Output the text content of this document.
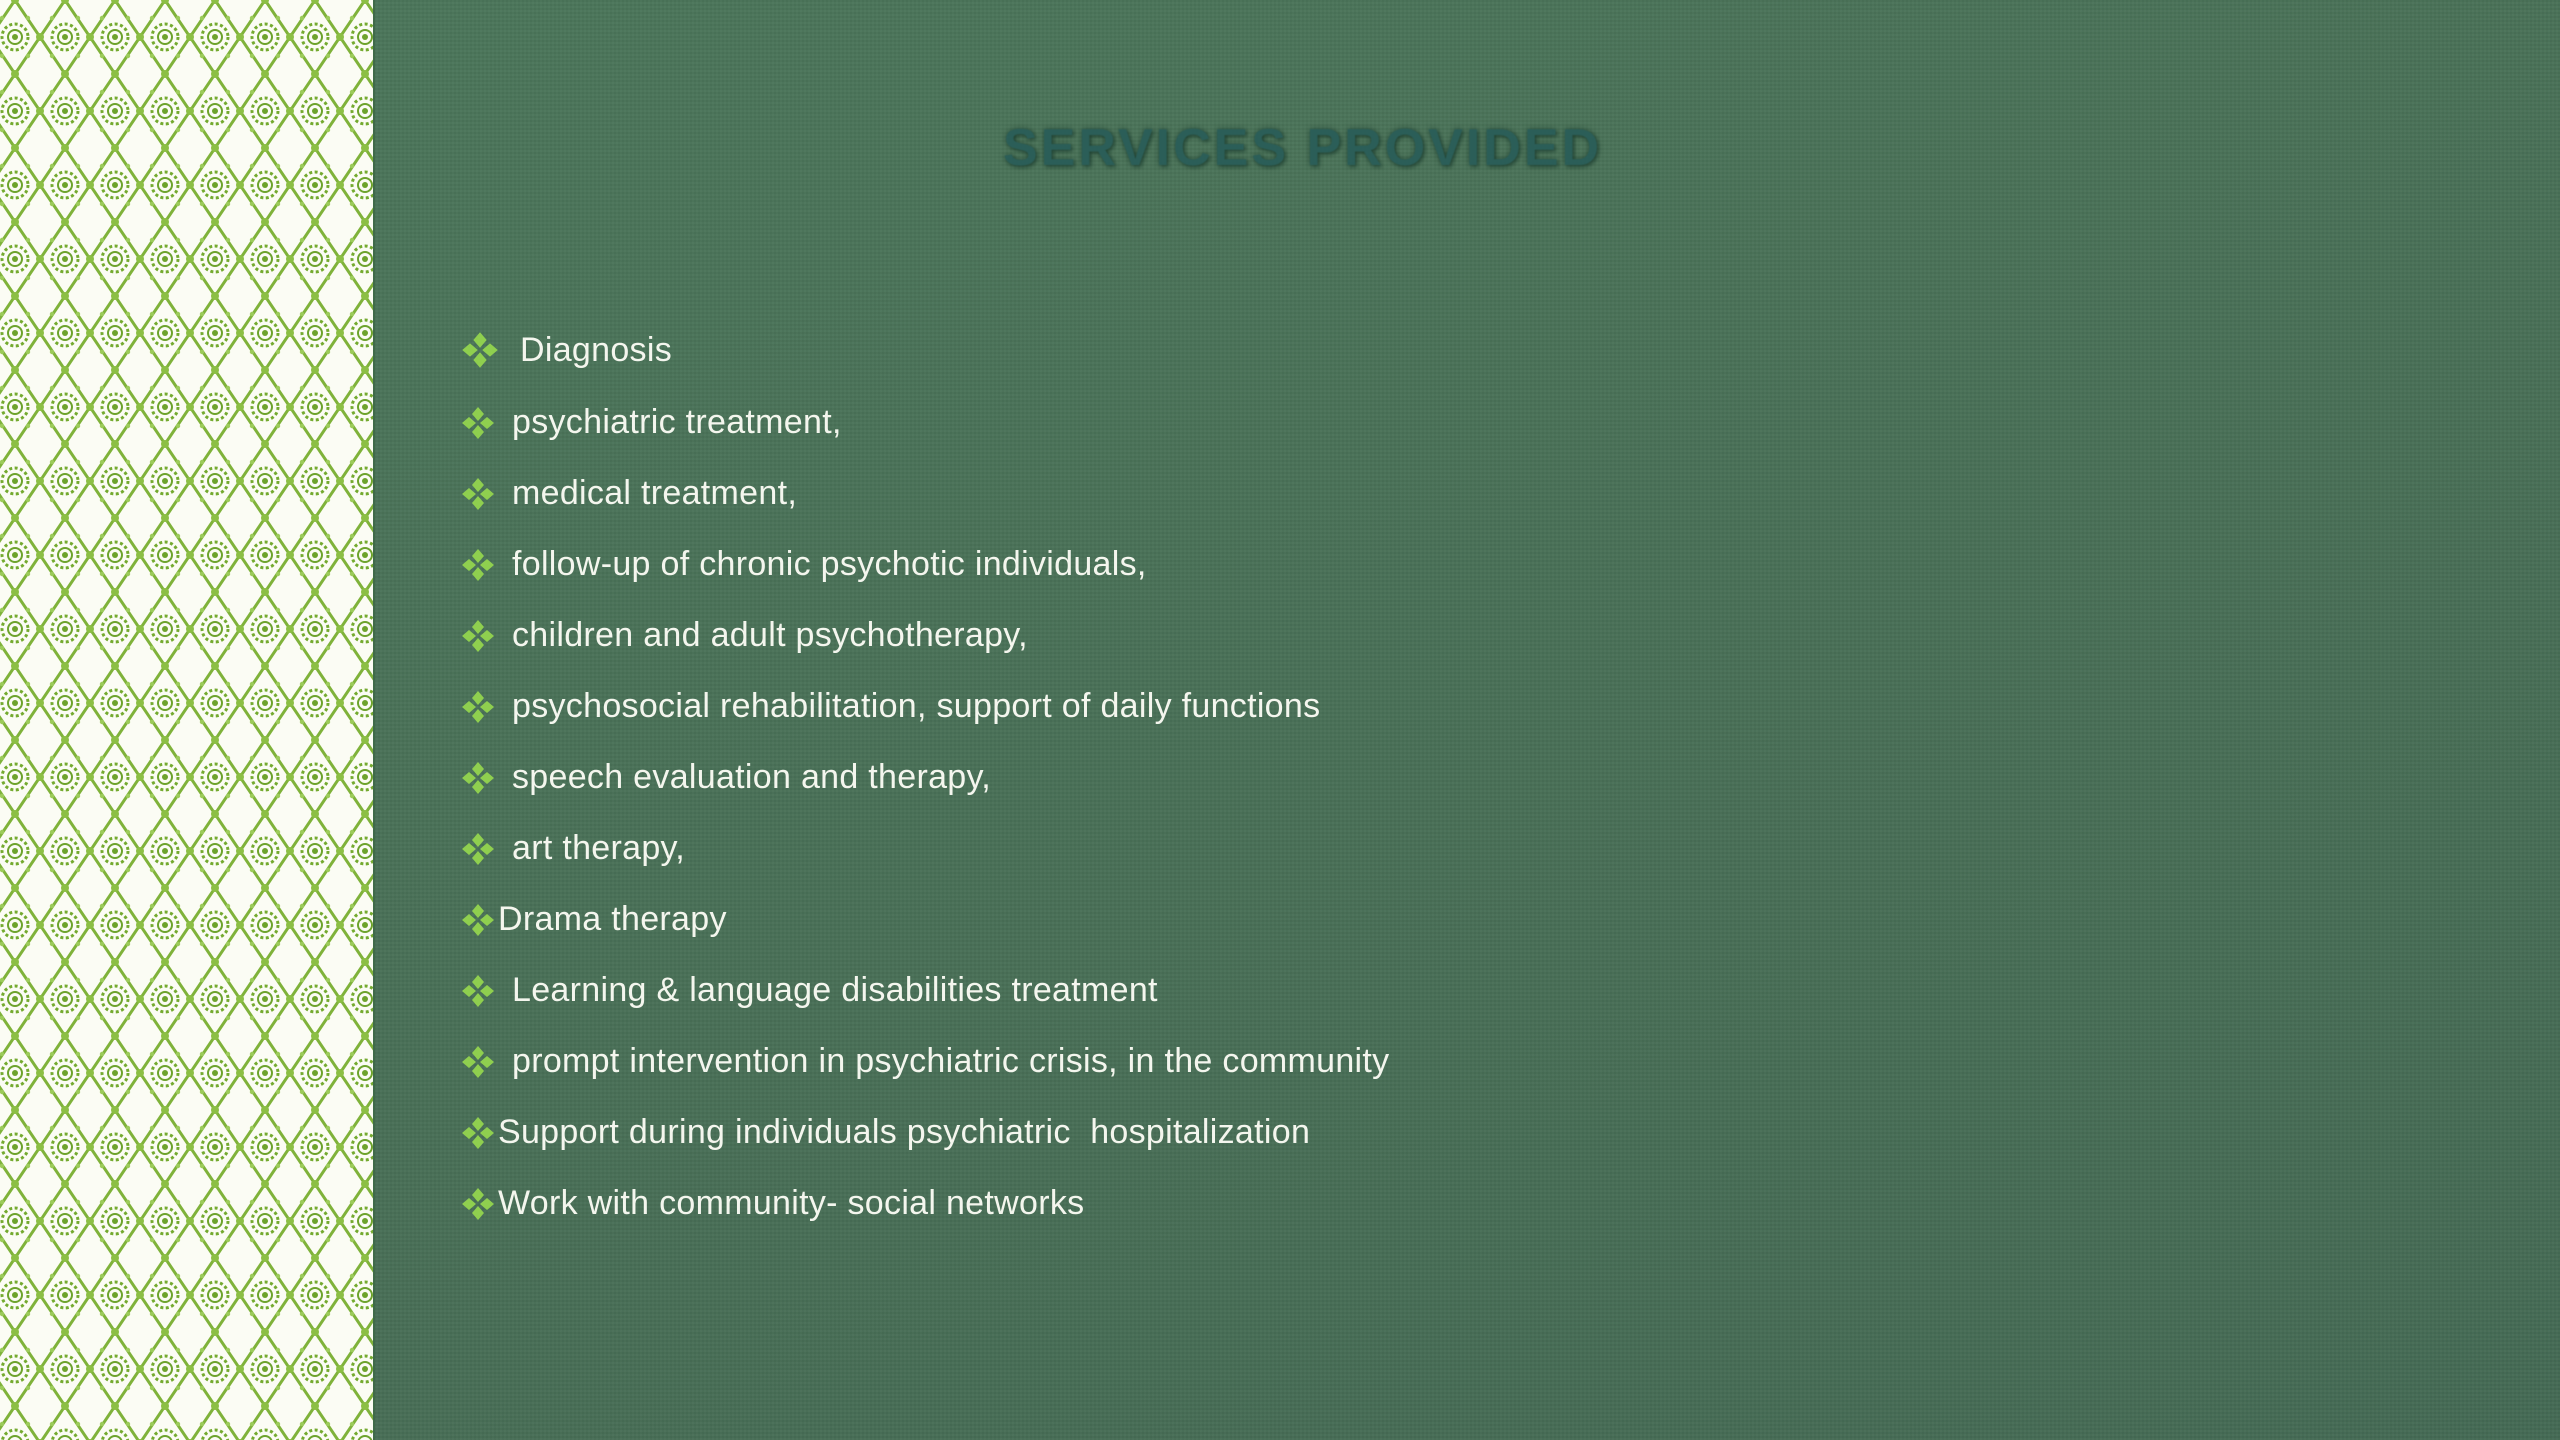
SERVICES PROVIDED
Diagnosis
psychiatric treatment,
medical treatment,
follow-up of chronic psychotic individuals,
children and adult psychotherapy,
psychosocial rehabilitation, support of daily functions
speech evaluation and therapy,
art therapy,
Drama therapy
Learning & language disabilities treatment
prompt intervention in psychiatric crisis, in the community
Support during individuals psychiatric  hospitalization
Work with community- social networks
